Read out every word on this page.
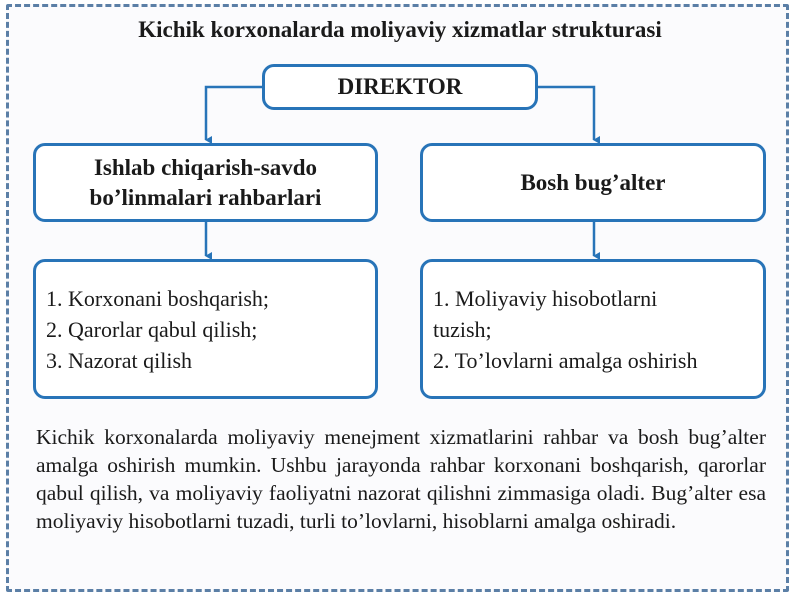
Kichik korxonalarda moliyaviy xizmatlar strukturasi
DIREKTOR
Ishlab chiqarish-savdo
bo’linmalari rahbarlari
Bosh bug’alter
1. Korxonani boshqarish;
2. Qarorlar qabul qilish;
3. Nazorat qilish
1. Moliyaviy hisobotlarni
tuzish;
2. To’lovlarni amalga oshirish
Kichik korxonalarda moliyaviy menejment xizmatlarini rahbar va bosh bug’alter amalga oshirish mumkin. Ushbu jarayonda rahbar korxonani boshqarish, qarorlar qabul qilish, va moliyaviy faoliyatni nazorat qilishni zimmasiga oladi. Bug’alter esa moliyaviy hisobotlarni tuzadi, turli to’lovlarni, hisoblarni amalga oshiradi.
